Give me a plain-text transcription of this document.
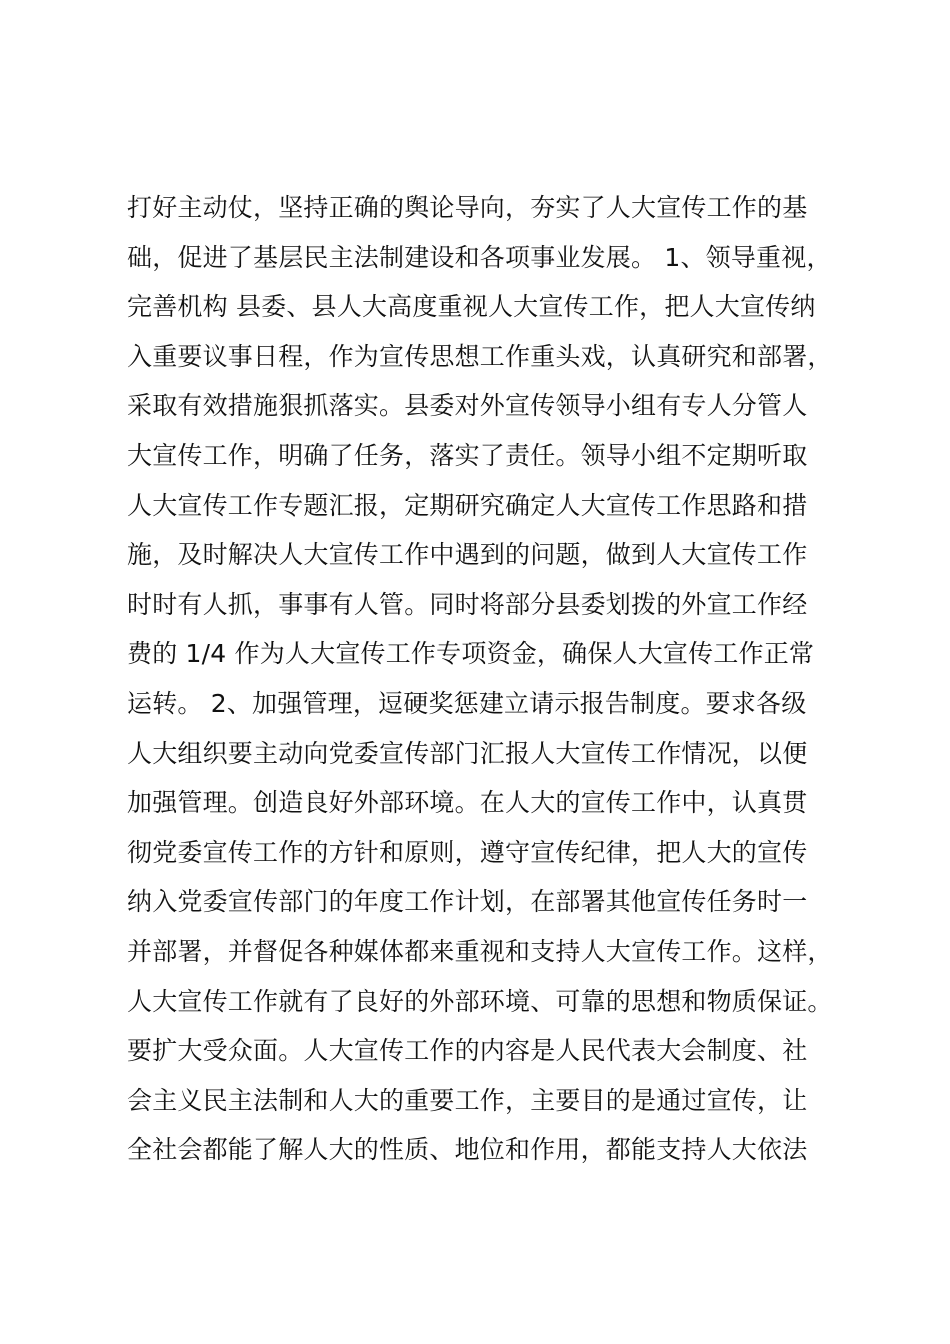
打好主动仗，坚持正确的舆论导向，夯实了人大宣传工作的基
础，促进了基层民主法制建设和各项事业发展。 1、领导重视，
完善机构 县委、县人大高度重视人大宣传工作，把人大宣传纳
入重要议事日程，作为宣传思想工作重头戏，认真研究和部署，
采取有效措施狠抓落实。县委对外宣传领导小组有专人分管人
大宣传工作，明确了任务，落实了责任。领导小组不定期听取
人大宣传工作专题汇报，定期研究确定人大宣传工作思路和措
施，及时解决人大宣传工作中遇到的问题，做到人大宣传工作
时时有人抓，事事有人管。同时将部分县委划拨的外宣工作经
费的 1/4 作为人大宣传工作专项资金，确保人大宣传工作正常
运转。 2、加强管理，逗硬奖惩建立请示报告制度。要求各级
人大组织要主动向党委宣传部门汇报人大宣传工作情况，以便
加强管理。创造良好外部环境。在人大的宣传工作中，认真贯
彻党委宣传工作的方针和原则，遵守宣传纪律，把人大的宣传
纳入党委宣传部门的年度工作计划，在部署其他宣传任务时一
并部署，并督促各种媒体都来重视和支持人大宣传工作。这样，
人大宣传工作就有了良好的外部环境、可靠的思想和物质保证。
要扩大受众面。人大宣传工作的内容是人民代表大会制度、社
会主义民主法制和人大的重要工作，主要目的是通过宣传，让
全社会都能了解人大的性质、地位和作用，都能支持人大依法
